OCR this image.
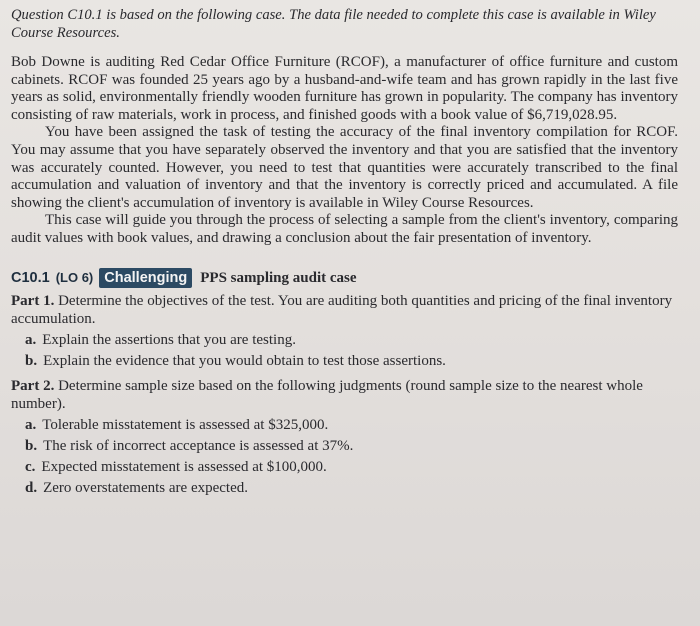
Question C10.1 is based on the following case. The data file needed to complete this case is available in Wiley Course Resources.

Bob Downe is auditing Red Cedar Office Furniture (RCOF), a manufacturer of office furniture and custom cabinets. RCOF was founded 25 years ago by a husband-and-wife team and has grown rapidly in the last five years as solid, environmentally friendly wooden furniture has grown in popularity. The company has inventory consisting of raw materials, work in process, and finished goods with a book value of $6,719,028.95.

You have been assigned the task of testing the accuracy of the final inventory compilation for RCOF. You may assume that you have separately observed the inventory and that you are satisfied that the inventory was accurately counted. However, you need to test that quantities were accurately transcribed to the final accumulation and valuation of inventory and that the inventory is correctly priced and accumulated. A file showing the client's accumulation of inventory is available in Wiley Course Resources.

This case will guide you through the process of selecting a sample from the client's inventory, comparing audit values with book values, and drawing a conclusion about the fair presentation of inventory.

C10.1 (LO 6) Challenging PPS sampling audit case

Part 1. Determine the objectives of the test. You are auditing both quantities and pricing of the final inventory accumulation.

a. Explain the assertions that you are testing.
b. Explain the evidence that you would obtain to test those assertions.

Part 2. Determine sample size based on the following judgments (round sample size to the nearest whole number).

a. Tolerable misstatement is assessed at $325,000.
b. The risk of incorrect acceptance is assessed at 37%.
c. Expected misstatement is assessed at $100,000.
d. Zero overstatements are expected.
